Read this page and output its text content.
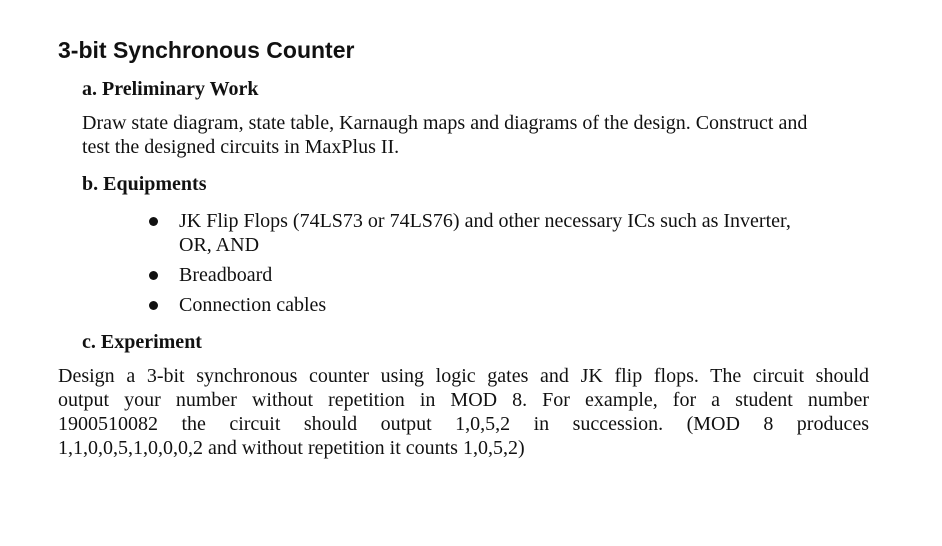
3-bit Synchronous Counter
a. Preliminary Work
Draw state diagram, state table, Karnaugh maps and diagrams of the design. Construct and
test the designed circuits in MaxPlus II.
b. Equipments
JK Flip Flops (74LS73 or 74LS76) and other necessary ICs such as Inverter,
OR, AND
Breadboard
Connection cables
c. Experiment
Design a 3-bit synchronous counter using logic gates and JK flip flops. The circuit should
output your number without repetition in MOD 8. For example, for a student number
1900510082 the circuit should output 1,0,5,2 in succession. (MOD 8 produces
1,1,0,0,5,1,0,0,0,2 and without repetition it counts 1,0,5,2)
